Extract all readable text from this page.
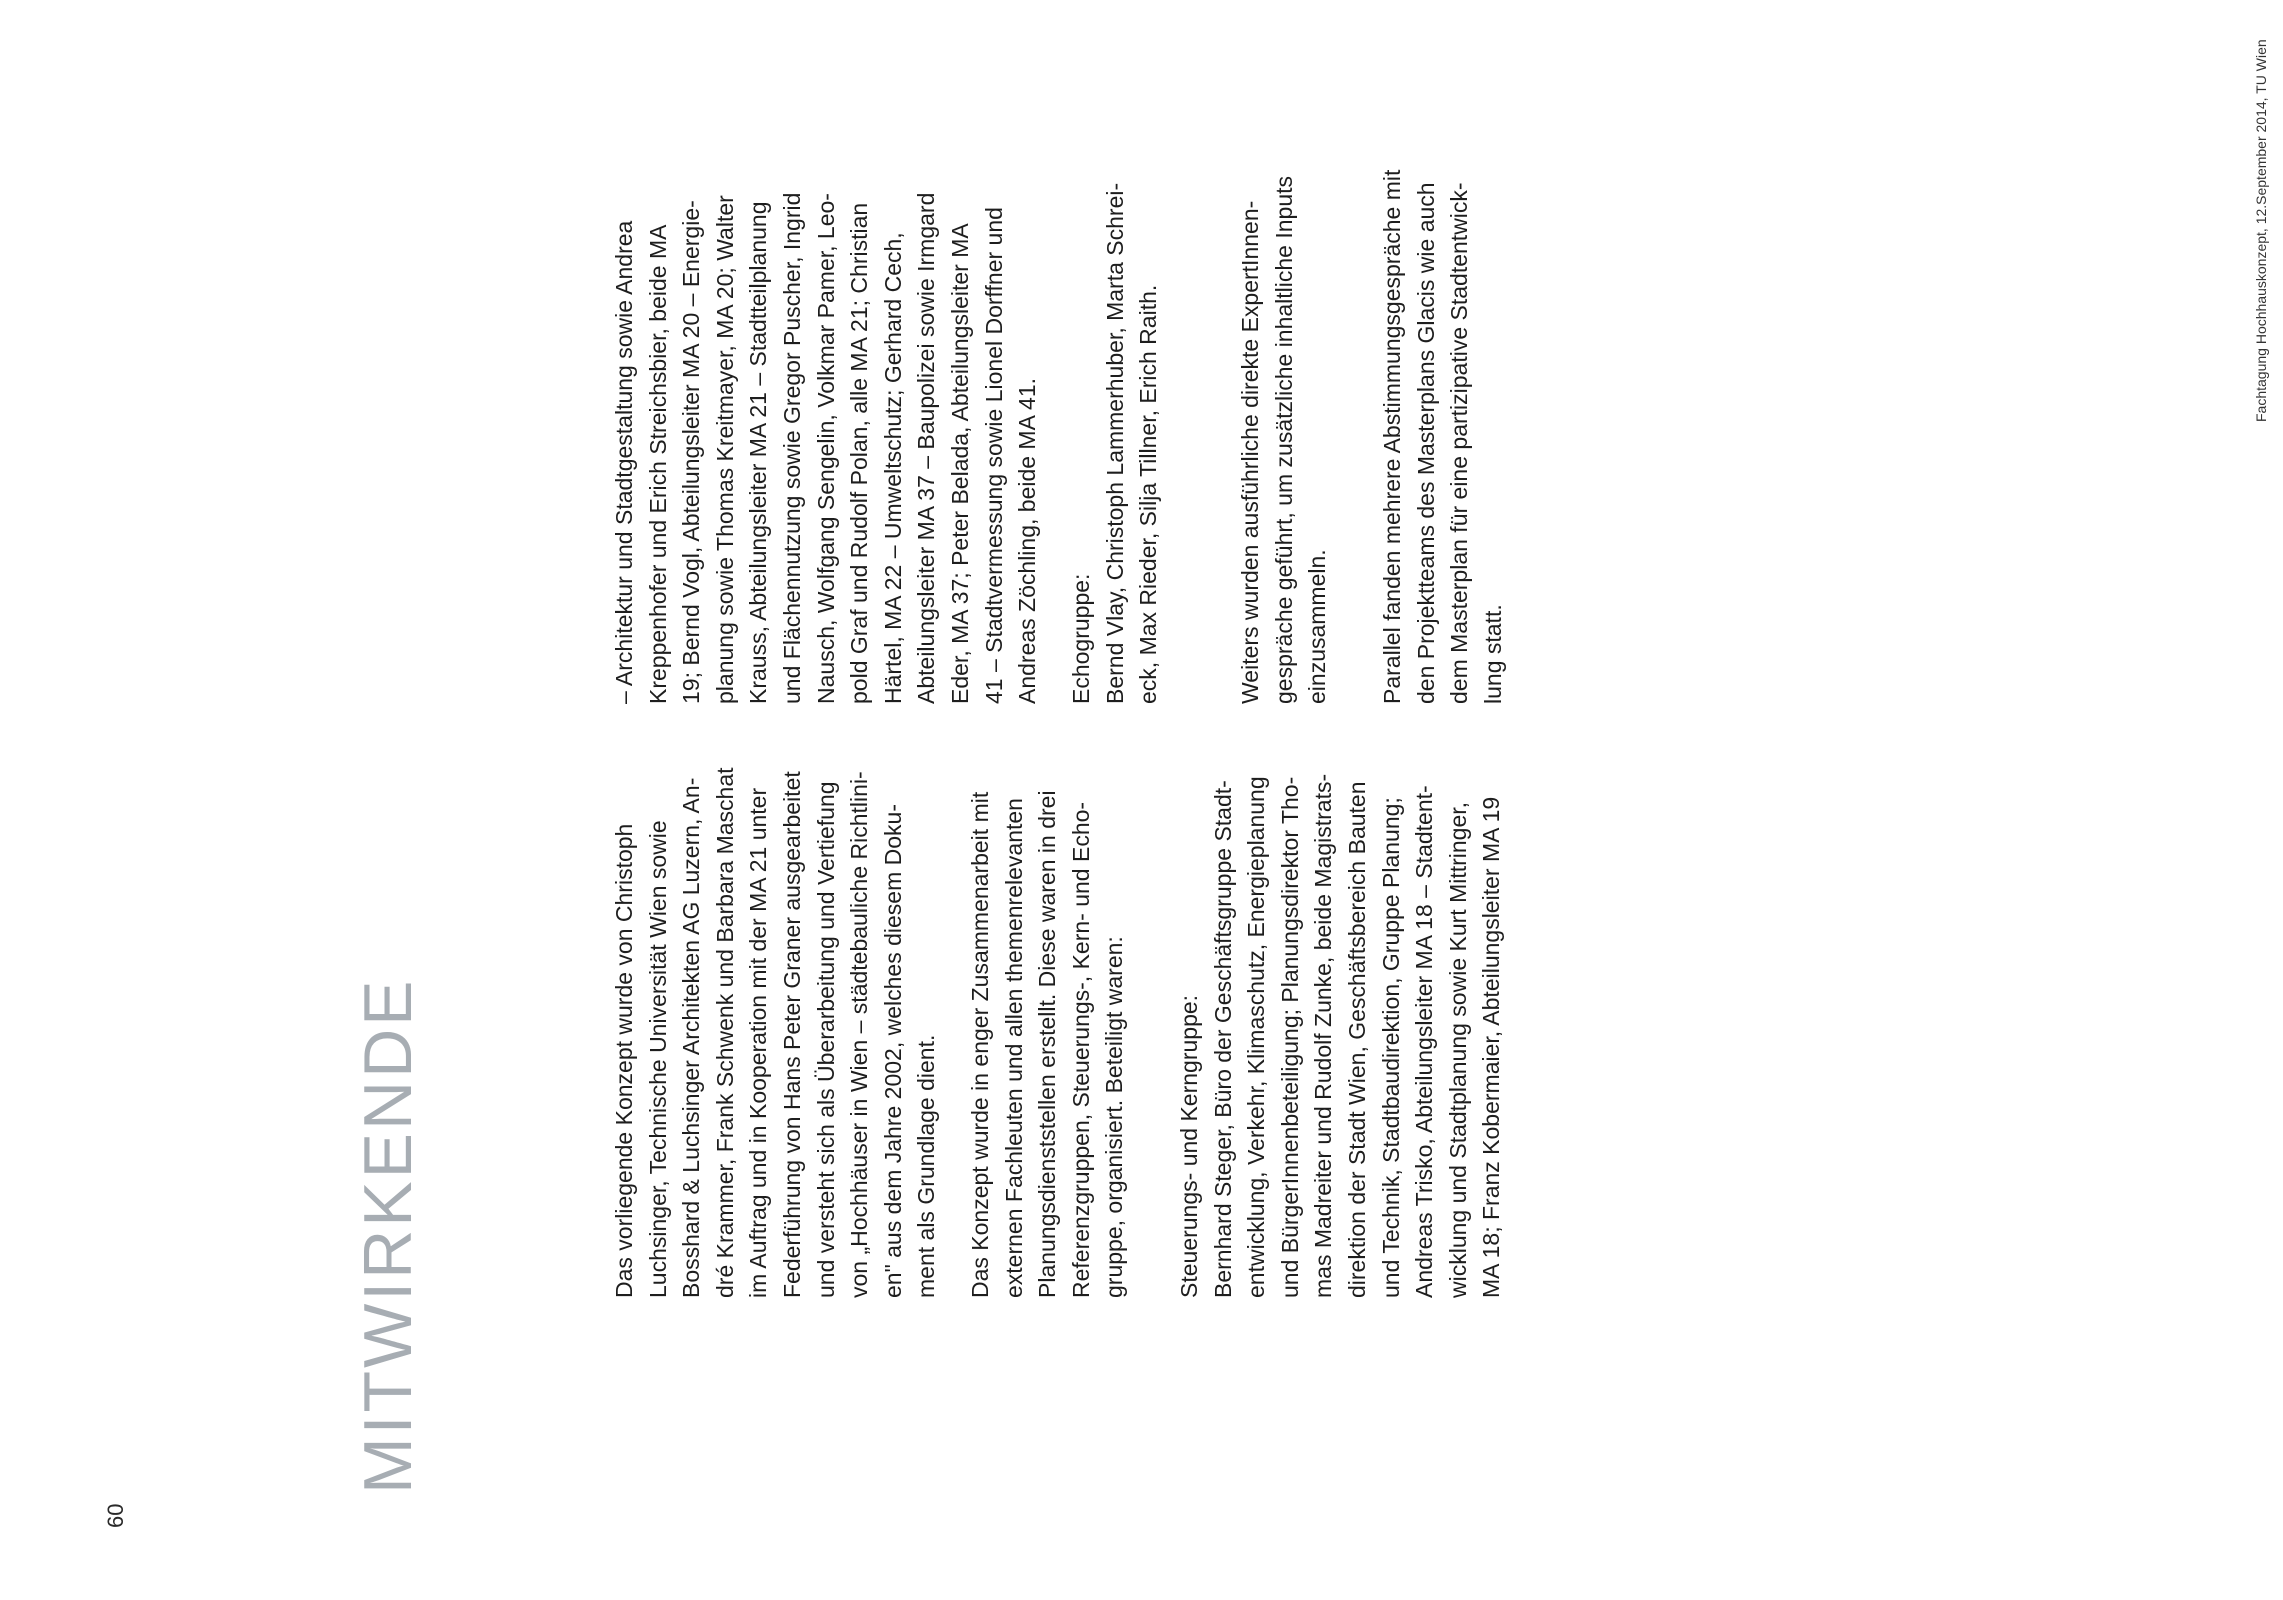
60
MITWIRKENDE
Fachtagung Hochhauskonzept, 12.September 2014, TU Wien

Das vorliegende Konzept wurde von Christoph Luchsinger, Technische Universität Wien sowie Bosshard & Luchsinger Architekten AG Luzern, An- dré Krammer, Frank Schwenk und Barbara Maschat im Auftrag und in Kooperation mit der MA 21 unter Federführung von Hans Peter Graner ausgearbeitet und versteht sich als Überarbeitung und Vertiefung von „Hochhäuser in Wien – städtebauliche Richtlini- en" aus dem Jahre 2002, welches diesem Doku- ment als Grundlage dient. Das Konzept wurde in enger Zusammenarbeit mit externen Fachleuten und allen themenrelevanten Planungsdienststellen erstellt. Diese waren in drei Referenzgruppen, Steuerungs-, Kern- und Echo- gruppe, organisiert. Beteiligt waren: Steuerungs- und Kerngruppe: Bernhard Steger, Büro der Geschäftsgruppe Stadt- entwicklung, Verkehr, Klimaschutz, Energieplanung und BürgerInnenbeteiligung; Planungsdirektor Tho- mas Madreiter und Rudolf Zunke, beide Magistrats- direktion der Stadt Wien, Geschäftsbereich Bauten und Technik, Stadtbaudirektion, Gruppe Planung; Andreas Trisko, Abteilungsleiter MA 18 – Stadtent- wicklung und Stadtplanung sowie Kurt Mittringer, MA 18; Franz Kobermaier, Abteilungsleiter MA 19

– Architektur und Stadtgestaltung sowie Andrea Kreppenhofer und Erich Streichsbier, beide MA 19; Bernd Vogl, Abteilungsleiter MA 20 – Energie- planung sowie Thomas Kreitmayer, MA 20; Walter Krauss, Abteilungsleiter MA 21 – Stadtteilplanung und Flächennutzung sowie Gregor Puscher, Ingrid Nausch, Wolfgang Sengelin, Volkmar Pamer, Leo- pold Graf und Rudolf Polan, alle MA 21; Christian Härtel, MA 22 – Umweltschutz; Gerhard Cech, Abteilungsleiter MA 37 – Baupolizei sowie Irmgard Eder, MA 37; Peter Belada, Abteilungsleiter MA 41 – Stadtvermessung sowie Lionel Dorffner und Andreas Zöchling, beide MA 41. Echogruppe: Bernd Vlay, Christoph Lammerhuber, Marta Schrei- eck, Max Rieder, Silja Tillner, Erich Raith.	Weiters wurden ausführliche direkte ExpertInnen- gespräche geführt, um zusätzliche inhaltliche Inputs einzusammeln. Parallel fanden mehrere Abstimmungsgespräche mit den Projektteams des Masterplans Glacis wie auch dem Masterplan für eine partizipative Stadtentwick- lung statt.
